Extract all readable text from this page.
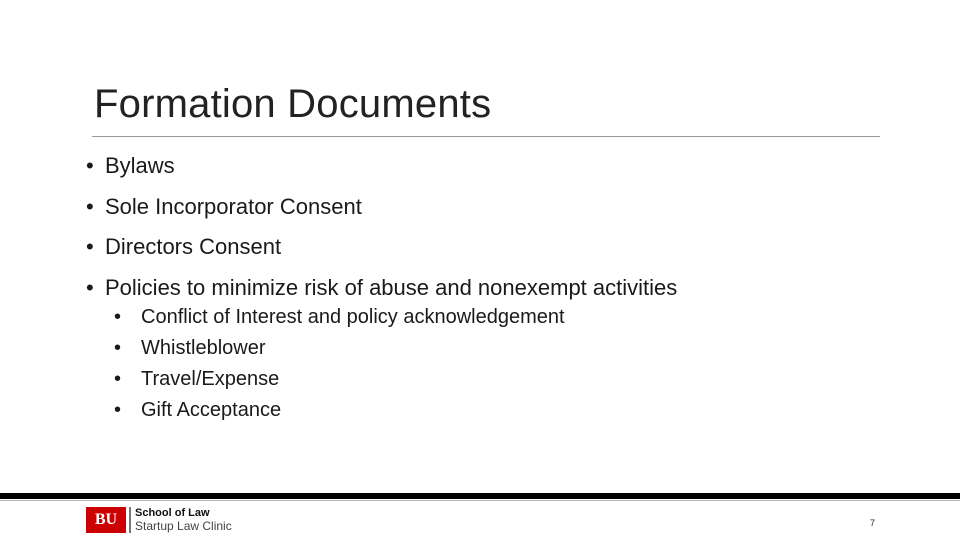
Formation Documents
• Bylaws
• Sole Incorporator Consent
• Directors Consent
• Policies to minimize risk of abuse and nonexempt activities
• Conflict of Interest and policy acknowledgement
• Whistleblower
• Travel/Expense
• Gift Acceptance
BU	School of Law
Startup Law Clinic	7
